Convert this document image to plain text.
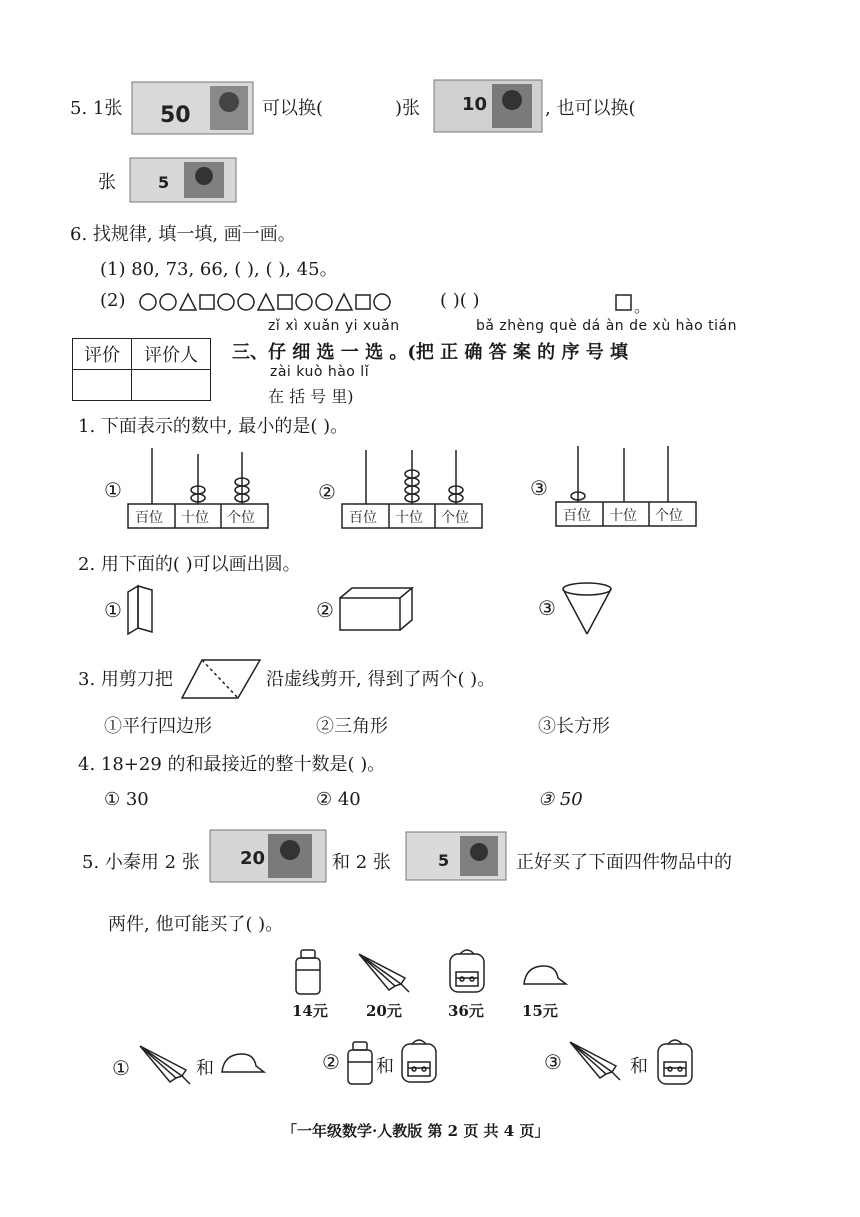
5. 1张 50	可以换(	)张 10	, 也可以换(
张	5
6. 找规律, 填一填, 画一画。
(1) 80, 73, 66, ( ), ( ), 45。
(2)	( )( )	。
zǐ xì xuǎn yi xuǎn	bǎ zhèng què dá àn de xù hào tián
评价	评价人
	三、仔 细 选 一 选 。(把 正 确 答 案 的 序 号 填
zài kuò hào lǐ
在 括 号 里)
1. 下面表示的数中, 最小的是( )。
①
百位 十位 个位
②
百位 十位 个位
③
百位 十位 个位
2. 用下面的( )可以画出圆。
①	②	③
3. 用剪刀把	沿虚线剪开, 得到了两个( )。
①平行四边形	②三角形	③长方形
4. 18+29 的和最接近的整十数是( )。
① 30	② 40	③ 50
5. 小秦用 2 张 20	和 2 张	5	正好买了下面四件物品中的
两件, 他可能买了( )。
14元	20元	36元	15元
①	和	② 和	③	和
「一年级数学·人教版 第 2 页 共 4 页」
